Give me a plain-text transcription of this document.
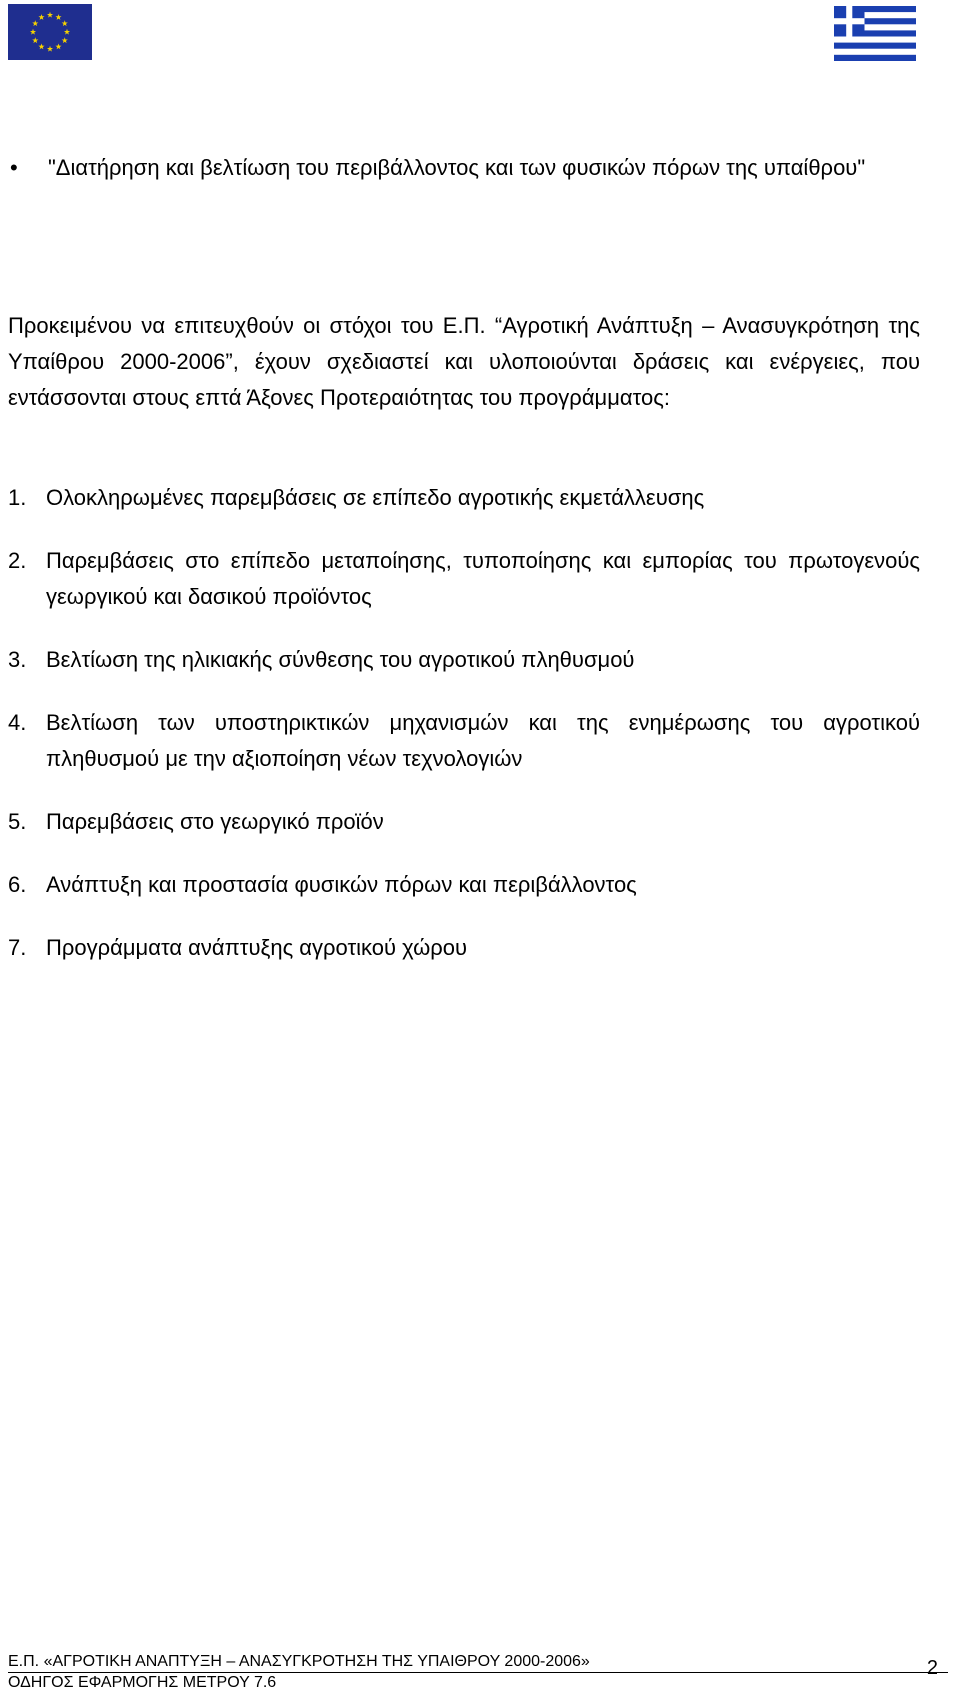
•	"Διατήρηση και βελτίωση του περιβάλλοντος και των φυσικών πόρων της υπαίθρου"

Προκειμένου να επιτευχθούν οι στόχοι του Ε.Π. “Αγροτική Ανάπτυξη – Ανασυγκρότηση της Υπαίθρου 2000-2006”, έχουν σχεδιαστεί και υλοποιούνται δράσεις και ενέργειες, που εντάσσονται στους επτά Άξονες Προτεραιότητας του προγράμματος:

1. Ολοκληρωμένες παρεμβάσεις σε επίπεδο αγροτικής εκμετάλλευσης
2. Παρεμβάσεις στο επίπεδο μεταποίησης, τυποποίησης και εμπορίας του πρωτογενούς γεωργικού και δασικού προϊόντος
3. Βελτίωση της ηλικιακής σύνθεσης του αγροτικού πληθυσμού
4. Βελτίωση των υποστηρικτικών μηχανισμών και της ενημέρωσης του αγροτικού πληθυσμού με την αξιοποίηση νέων τεχνολογιών
5. Παρεμβάσεις στο γεωργικό προϊόν
6. Ανάπτυξη και προστασία φυσικών πόρων και περιβάλλοντος
7. Προγράμματα ανάπτυξης αγροτικού χώρου
Ε.Π. «ΑΓΡΟΤΙΚΗ ΑΝΑΠΤΥΞΗ – ΑΝΑΣΥΓΚΡΟΤΗΣΗ ΤΗΣ ΥΠΑΙΘΡΟΥ 2000-2006»
ΟΔΗΓΟΣ ΕΦΑΡΜΟΓΗΣ ΜΕΤΡΟΥ 7.6
2
